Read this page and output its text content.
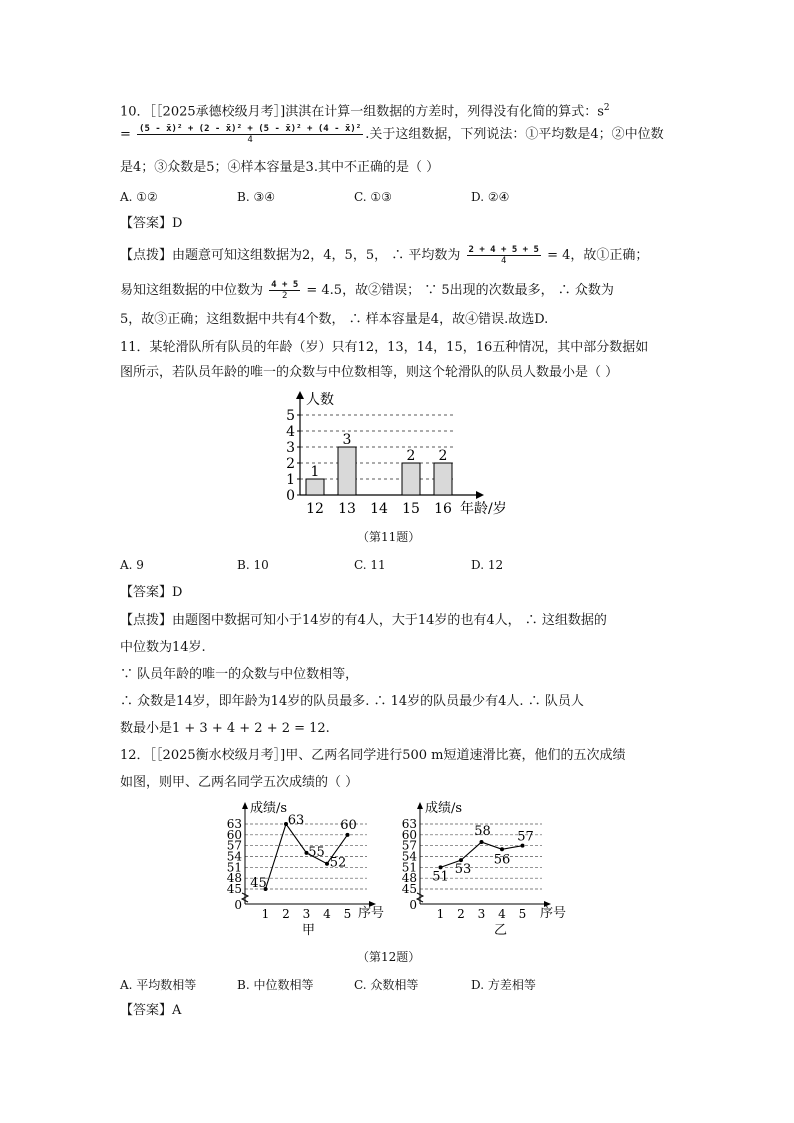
10．［［2025承德校级月考］]淇淇在计算一组数据的方差时，列得没有化简的算式：$s^2$
= $\frac{\text{(5 - x̄)² + (2 - x̄)² + (5 - x̄)² + (4 - x̄)²}}{4}$ .关于这组数据，下列说法：①平均数是4；②中位数
是4；③众数是5；④样本容量是3.其中不正确的是（ ）
A. ①②	B. ③④	C. ①③	D. ②④
【答案】D
【点拨】由题意可知这组数据为2，4，5，5， ∴ 平均数为 $\frac{2 + 4 + 5 + 5}{4} = 4$，故①正确；
易知这组数据的中位数为 $\frac{4 + 5}{2} = 4.5$，故②错误； ∵ 5出现的次数最多， ∴ 众数为
5，故③正确；这组数据中共有4个数， ∴ 样本容量是4，故④错误.故选D.
11．某轮滑队所有队员的年龄（岁）只有12，13，14，15，16五种情况，其中部分数据如
图所示，若队员年龄的唯一的众数与中位数相等，则这个轮滑队的队员人数最小是（ ）
0
1
2
3
4
5
12
1
13
3
14 15
2
16
2
人数
年龄/岁
（第11题）
A. 9	B. 10	C. 11	D. 12
【答案】D
【点拨】由题图中数据可知小于14岁的有4人，大于14岁的也有4人， ∴ 这组数据的
中位数为14岁.
∵ 队员年龄的唯一的众数与中位数相等，
∴ 众数是14岁，即年龄为14岁的队员最多. ∴ 14岁的队员最少有4人. ∴ 队员人
数最小是1 + 3 + 4 + 2 + 2 = 12.
12．［［2025衡水校级月考］]甲、乙两名同学进行500 m短道速滑比赛，他们的五次成绩
如图，则甲、乙两名同学五次成绩的（ ）
45
48
51
54
57
60
63
0
1 2 3 4 5
45
63
55
52
60
成绩/s
序号
甲
45
48
51
54
57
60
63
0
1 2 3 4 5
51 53
58
56
57
成绩/s
序号
乙
（第12题）
A. 平均数相等	B. 中位数相等	C. 众数相等	D. 方差相等
【答案】A
